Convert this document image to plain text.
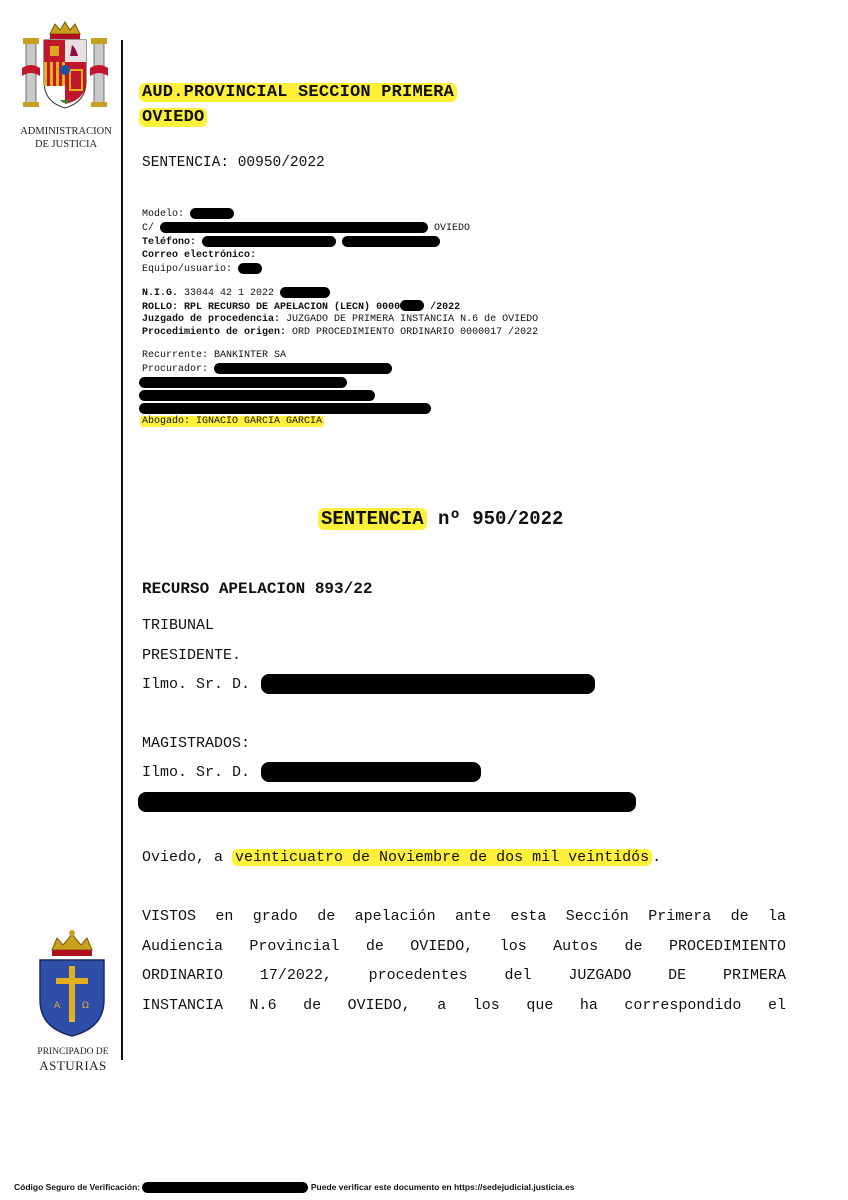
ADMINISTRACION
DE JUSTICIA
AUD.PROVINCIAL SECCION PRIMERA
OVIEDO
SENTENCIA: 00950/2022
Modelo:
C/	OVIEDO
Teléfono:
Correo electrónico:
Equipo/usuario:
N.I.G. 33044 42 1 2022
ROLLO: RPL RECURSO DE APELACION (LECN) 0000	/2022
Juzgado de procedencia: JUZGADO DE PRIMERA INSTANCIA N.6 de OVIEDO
Procedimiento de origen: ORD PROCEDIMIENTO ORDINARIO 0000017 /2022
Recurrente: BANKINTER SA
Procurador:
Abogado: IGNACIO GARCIA GARCIA
SENTENCIA nº 950/2022
RECURSO APELACION 893/22
TRIBUNAL
PRESIDENTE.
Ilmo. Sr. D.
MAGISTRADOS:
Ilmo. Sr. D.
Oviedo, a veinticuatro de Noviembre de dos mil veintidós .
VISTOS en grado de apelación ante esta Sección Primera de la
Audiencia Provincial de OVIEDO, los Autos de PROCEDIMIENTO
ORDINARIO 17/2022, procedentes del JUZGADO DE PRIMERA
INSTANCIA N.6 de OVIEDO, a los que ha correspondido el
A Ω
PRINCIPADO DE
ASTURIAS
Código Seguro de Verificación:	Puede verificar este documento en https://sedejudicial.justicia.es
